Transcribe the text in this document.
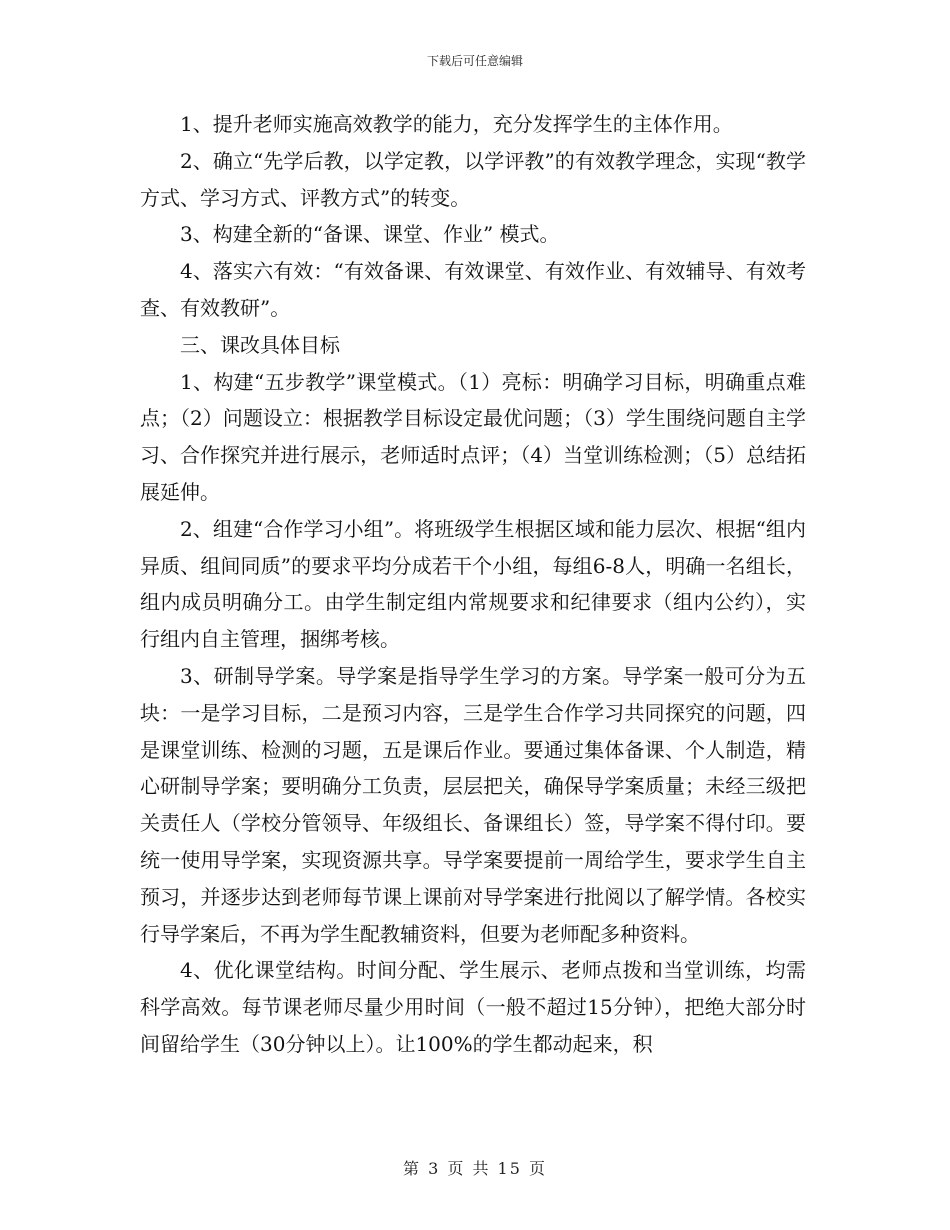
下载后可任意编辑

1、提升老师实施高效教学的能力，充分发挥学生的主体作用。

2、确立“先学后教，以学定教，以学评教”的有效教学理念，实现“教学方式、学习方式、评教方式”的转变。

3、构建全新的“备课、课堂、作业” 模式。

4、落实六有效：“有效备课、有效课堂、有效作业、有效辅导、有效考查、有效教研”。

三、课改具体目标

1、构建“五步教学”课堂模式。（1）亮标：明确学习目标，明确重点难点；（2）问题设立：根据教学目标设定最优问题；（3）学生围绕问题自主学习、合作探究并进行展示，老师适时点评；（4）当堂训练检测；（5）总结拓展延伸。

2、组建“合作学习小组”。将班级学生根据区域和能力层次、根据“组内异质、组间同质”的要求平均分成若干个小组，每组6-8人，明确一名组长，组内成员明确分工。由学生制定组内常规要求和纪律要求（组内公约），实行组内自主管理，捆绑考核。

3、研制导学案。导学案是指导学生学习的方案。导学案一般可分为五块：一是学习目标，二是预习内容，三是学生合作学习共同探究的问题，四是课堂训练、检测的习题，五是课后作业。要通过集体备课、个人制造，精心研制导学案；要明确分工负责，层层把关，确保导学案质量；未经三级把关责任人（学校分管领导、年级组长、备课组长）签，导学案不得付印。要统一使用导学案，实现资源共享。导学案要提前一周给学生，要求学生自主预习，并逐步达到老师每节课上课前对导学案进行批阅以了解学情。各校实行导学案后，不再为学生配教辅资料，但要为老师配多种资料。

4、优化课堂结构。时间分配、学生展示、老师点拨和当堂训练，均需科学高效。每节课老师尽量少用时间（一般不超过15分钟），把绝大部分时间留给学生（30分钟以上）。让100%的学生都动起来，积

第 3 页 共 15 页
